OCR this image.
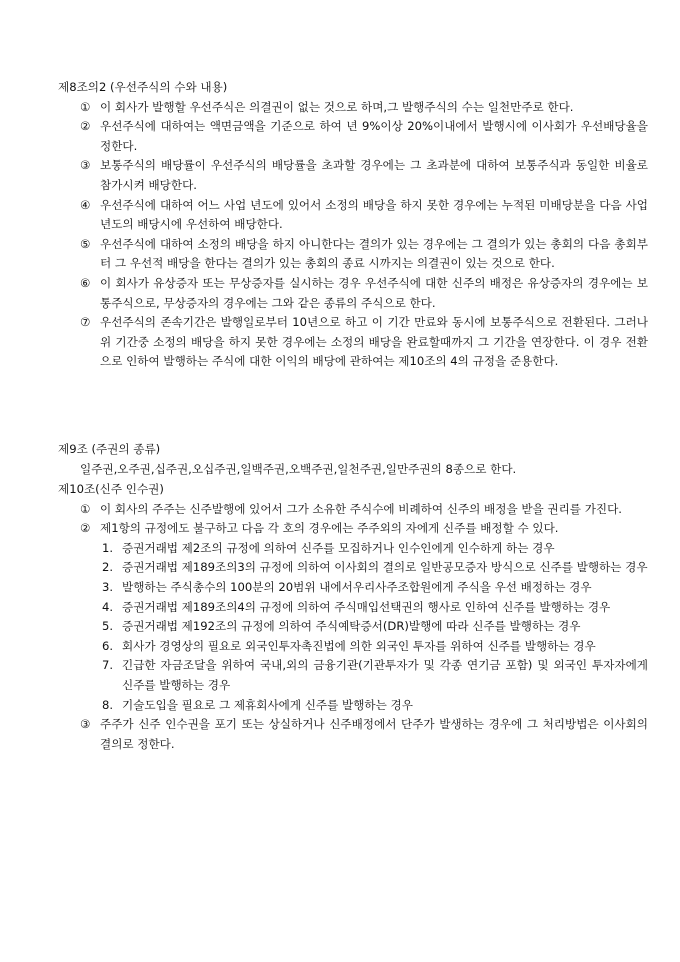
제8조의2 (우선주식의 수와 내용)

① 이 회사가 발행할 우선주식은 의결권이 없는 것으로 하며,그 발행주식의 수는 일천만주로 한다.
② 우선주식에 대하여는 액면금액을 기준으로 하여 년 9%이상 20%이내에서 발행시에 이사회가 우선배당율을 정한다.
③ 보통주식의 배당률이 우선주식의 배당률을 초과할 경우에는 그 초과분에 대하여 보통주식과 동일한 비율로 참가시켜 배당한다.
④ 우선주식에 대하여 어느 사업 년도에 있어서 소정의 배당을 하지 못한 경우에는 누적된 미배당분을 다음 사업 년도의 배당시에 우선하여 배당한다.
⑤ 우선주식에 대하여 소정의 배당을 하지 아니한다는 결의가 있는 경우에는 그 결의가 있는 총회의 다음 총회부터 그 우선적 배당을 한다는 결의가 있는 총회의 종료 시까지는 의결권이 있는 것으로 한다.
⑥ 이 회사가 유상증자 또는 무상증자를 실시하는 경우 우선주식에 대한 신주의 배정은 유상증자의 경우에는 보통주식으로, 무상증자의 경우에는 그와 같은 종류의 주식으로 한다.
⑦ 우선주식의 존속기간은 발행일로부터 10년으로 하고 이 기간 만료와 동시에 보통주식으로 전환된다. 그러나 위 기간중 소정의 배당을 하지 못한 경우에는 소정의 배당을 완료할때까지 그 기간을 연장한다. 이 경우 전환으로 인하여 발행하는 주식에 대한 이익의 배당에 관하여는 제10조의 4의 규정을 준용한다.

제9조 (주권의 종류)

일주권,오주권,십주권,오십주권,일백주권,오백주권,일천주권,일만주권의 8종으로 한다.

제10조(신주 인수권)

① 이 회사의 주주는 신주발행에 있어서 그가 소유한 주식수에 비례하여 신주의 배정을 받을 권리를 가진다.
② 제1항의 규정에도 불구하고 다음 각 호의 경우에는 주주외의 자에게 신주를 배정할 수 있다.
1. 증권거래법 제2조의 규정에 의하여 신주를 모집하거나 인수인에게 인수하게 하는 경우
2. 증권거래법 제189조의3의 규정에 의하여 이사회의 결의로 일반공모증자 방식으로 신주를 발행하는 경우
3. 발행하는 주식총수의 100분의 20범위 내에서우리사주조합원에게 주식을 우선 배정하는 경우
4. 증권거래법 제189조의4의 규정에 의하여 주식매입선택권의 행사로 인하여 신주를 발행하는 경우
5. 증권거래법 제192조의 규정에 의하여 주식예탁증서(DR)발행에 따라 신주를 발행하는 경우
6. 회사가 경영상의 필요로 외국인투자촉진법에 의한 외국인 투자를 위하여 신주를 발행하는 경우
7. 긴급한 자금조달을 위하여 국내,외의 금융기관(기관투자가 및 각종 연기금 포함) 및 외국인 투자자에게 신주를 발행하는 경우
8. 기술도입을 필요로 그 제휴회사에게 신주를 발행하는 경우
③ 주주가 신주 인수권을 포기 또는 상실하거나 신주배정에서 단주가 발생하는 경우에 그 처리방법은 이사회의 결의로 정한다.
